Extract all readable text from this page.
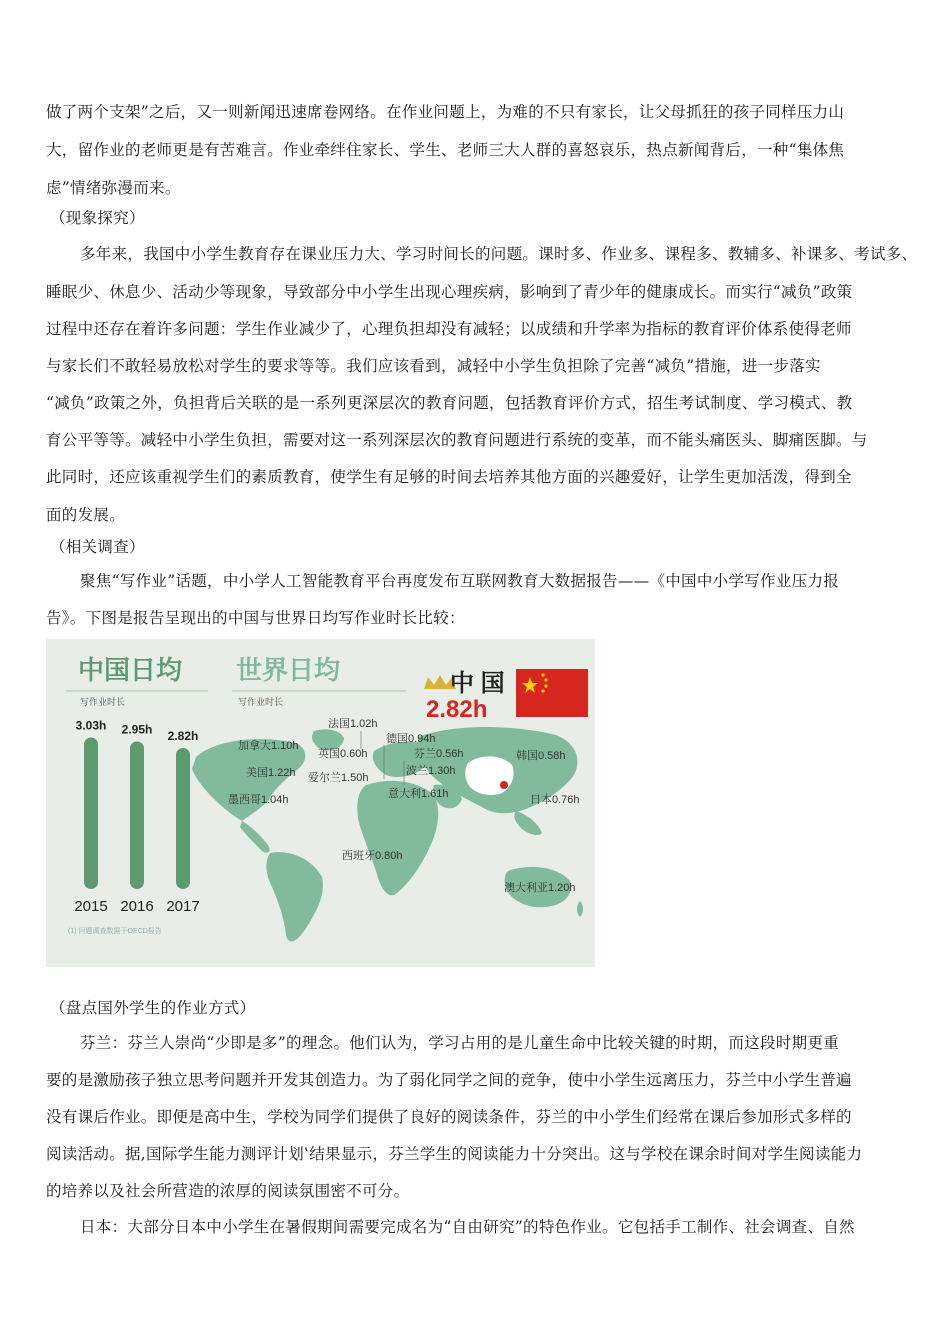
做了两个支架”之后，又一则新闻迅速席卷网络。在作业问题上，为难的不只有家长，让父母抓狂的孩子同样压力山
大，留作业的老师更是有苦难言。作业牵绊住家长、学生、老师三大人群的喜怒哀乐，热点新闻背后，一种“集体焦
虑”情绪弥漫而来。
（现象探究）
多年来，我国中小学生教育存在课业压力大、学习时间长的问题。课时多、作业多、课程多、教辅多、补课多、考试多、
睡眠少、休息少、活动少等现象，导致部分中小学生出现心理疾病，影响到了青少年的健康成长。而实行“减负”政策
过程中还存在着许多问题：学生作业减少了，心理负担却没有减轻；以成绩和升学率为指标的教育评价体系使得老师
与家长们不敢轻易放松对学生的要求等等。我们应该看到，减轻中小学生负担除了完善“减负”措施，进一步落实
“减负”政策之外，负担背后关联的是一系列更深层次的教育问题，包括教育评价方式，招生考试制度、学习模式、教
育公平等等。减轻中小学生负担，需要对这一系列深层次的教育问题进行系统的变革，而不能头痛医头、脚痛医脚。与
此同时，还应该重视学生们的素质教育，使学生有足够的时间去培养其他方面的兴趣爱好，让学生更加活泼，得到全
面的发展。
（相关调查）
聚焦“写作业”话题，中小学人工智能教育平台再度发布互联网教育大数据报告——《中国中小学写作业压力报
告》。下图是报告呈现出的中国与世界日均写作业时长比较：
中国日均
写作业时长
世界日均
写作业时长
3.03h
2015
2.95h
2016
2.82h
2017
中 国
2.82h
法国1.02h
德国0.94h
加拿大1.10h
英国0.60h	芬兰0.56h	韩国0.58h
美国1.22h 爱尔兰1.50h
波兰1.30h
墨西哥1.04h	意大利1.61h	日本0.76h
西班牙0.80h
澳大利亚1.20h
(1) 问题调查数据于OECD报告
（盘点国外学生的作业方式）
芬兰：芬兰人崇尚“少即是多”的理念。他们认为，学习占用的是儿童生命中比较关键的时期，而这段时期更重
要的是激励孩子独立思考问题并开发其创造力。为了弱化同学之间的竞争，使中小学生远离压力，芬兰中小学生普遍
没有课后作业。即便是高中生，学校为同学们提供了良好的阅读条件，芬兰的中小学生们经常在课后参加形式多样的
阅读活动。据,国际学生能力测评计划‛结果显示，芬兰学生的阅读能力十分突出。这与学校在课余时间对学生阅读能力
的培养以及社会所营造的浓厚的阅读氛围密不可分。
日本：大部分日本中小学生在暑假期间需要完成名为“自由研究”的特色作业。它包括手工制作、社会调查、自然
